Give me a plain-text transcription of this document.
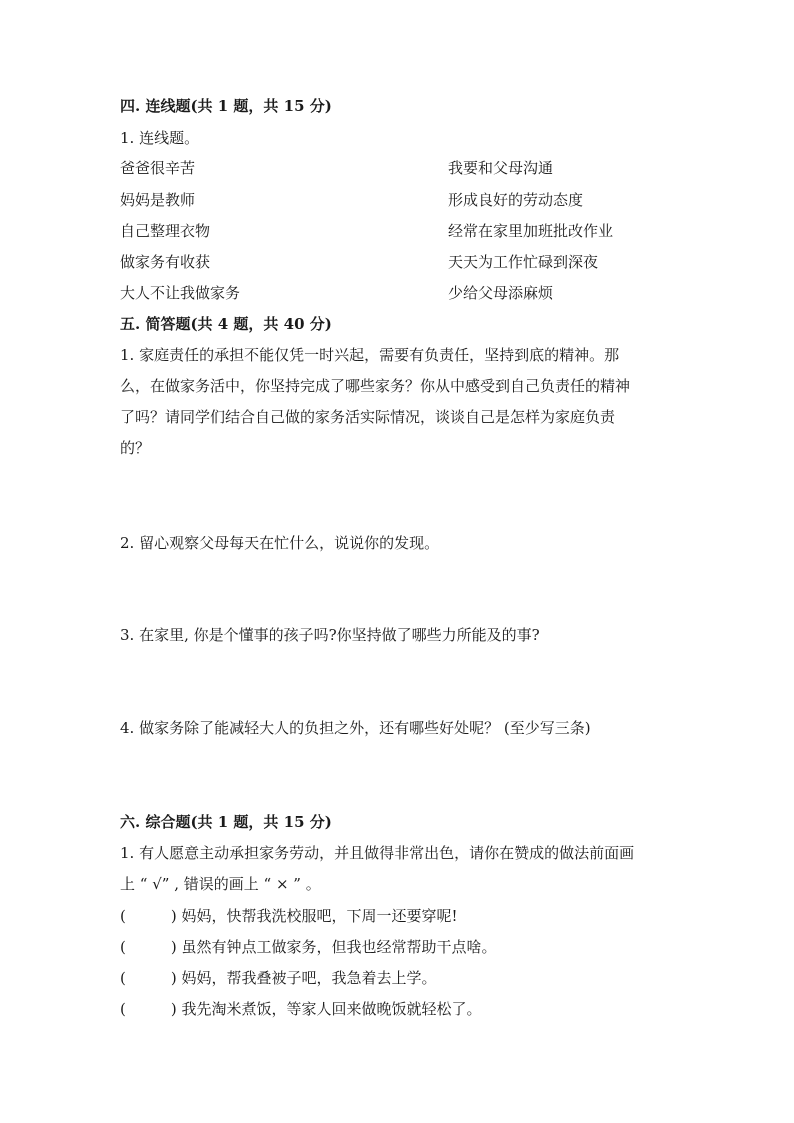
四. 连线题(共 1 题，共 15 分)
1. 连线题。
爸爸很辛苦
妈妈是教师
自己整理衣物
做家务有收获
大人不让我做家务
我要和父母沟通
形成良好的劳动态度
经常在家里加班批改作业
天天为工作忙碌到深夜
少给父母添麻烦
五. 简答题(共 4 题，共 40 分)
1. 家庭责任的承担不能仅凭一时兴起，需要有负责任，坚持到底的精神。那
么，在做家务活中，你坚持完成了哪些家务？你从中感受到自己负责任的精神
了吗？请同学们结合自己做的家务活实际情况，谈谈自己是怎样为家庭负责
的？
2. 留心观察父母每天在忙什么，说说你的发现。
3. 在家里, 你是个懂事的孩子吗?你坚持做了哪些力所能及的事?
4. 做家务除了能减轻大人的负担之外，还有哪些好处呢？ (至少写三条)
六. 综合题(共 1 题，共 15 分)
1. 有人愿意主动承担家务劳动，并且做得非常出色，请你在赞成的做法前面画
上 “ √” , 错误的画上 “ × ” 。
(　　　) 妈妈，快帮我洗校服吧，下周一还要穿呢!
(　　　) 虽然有钟点工做家务，但我也经常帮助干点啥。
(　　　) 妈妈，帮我叠被子吧，我急着去上学。
(　　　) 我先淘米煮饭，等家人回来做晚饭就轻松了。
